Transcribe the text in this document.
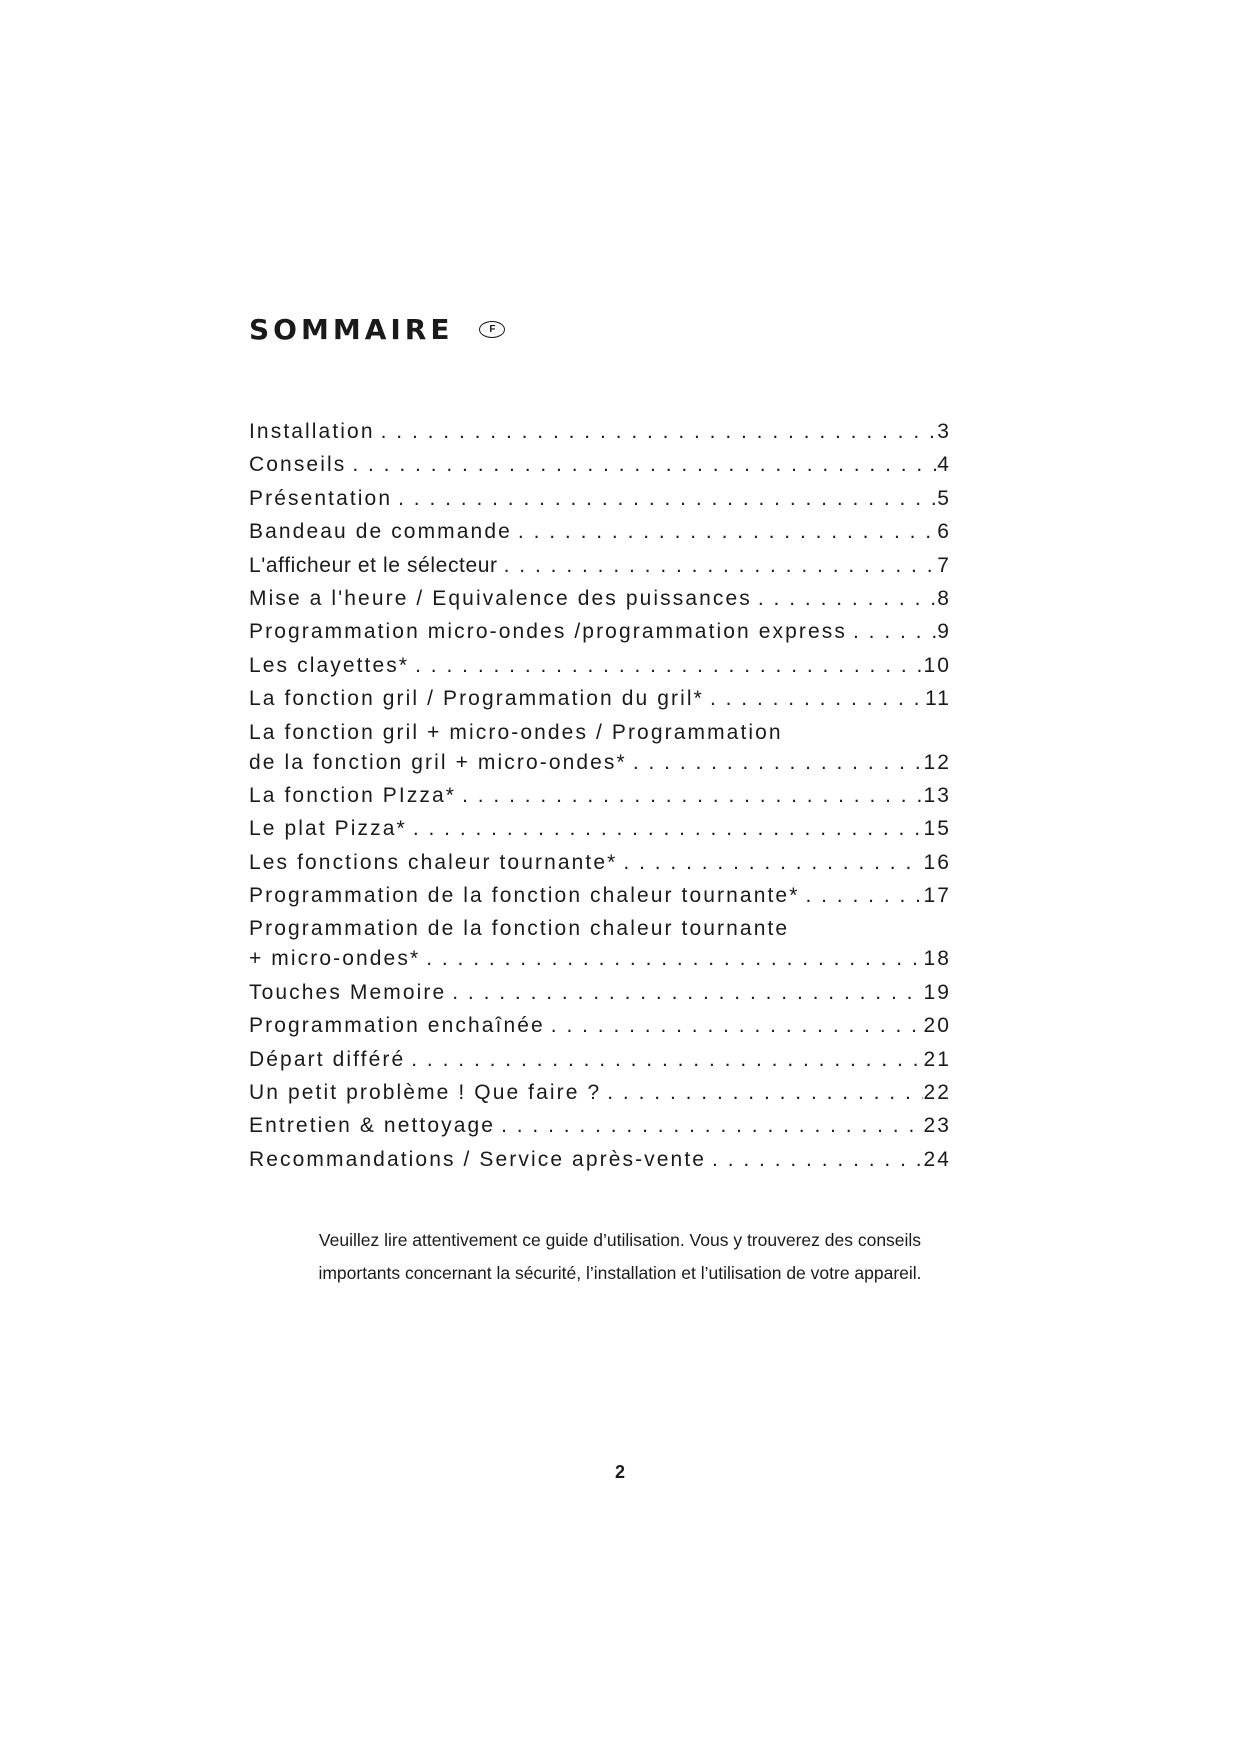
SOMMAIRE	F
Installation . . .	3
Conseils . . .	4
Présentation . . .	5
Bandeau de commande . . .	6
L'afficheur et le sélecteur . . .	7
Mise a l'heure / Equivalence des puissances . . .	8
Programmation micro-ondes /programmation express . . .	9
Les clayettes* . . .	10
La fonction gril / Programmation du gril* . . .	11
La fonction gril + micro-ondes / Programmation
de la fonction gril + micro-ondes* . . .	12
La fonction PIzza* . . .	13
Le plat Pizza* . . .	15
Les fonctions chaleur tournante* . . .	16
Programmation de la fonction chaleur tournante* . . .	17
Programmation de la fonction chaleur tournante
+ micro-ondes* . . .	18
Touches Memoire . . .	19
Programmation enchaînée . . .	20
Départ différé . . .	21
Un petit problème ! Que faire ? . . .	22
Entretien & nettoyage . . .	23
Recommandations / Service après-vente . . .	24

Veuillez lire attentivement ce guide d’utilisation. Vous y trouverez des conseils
importants concernant la sécurité, l’installation et l’utilisation de votre appareil.

2
